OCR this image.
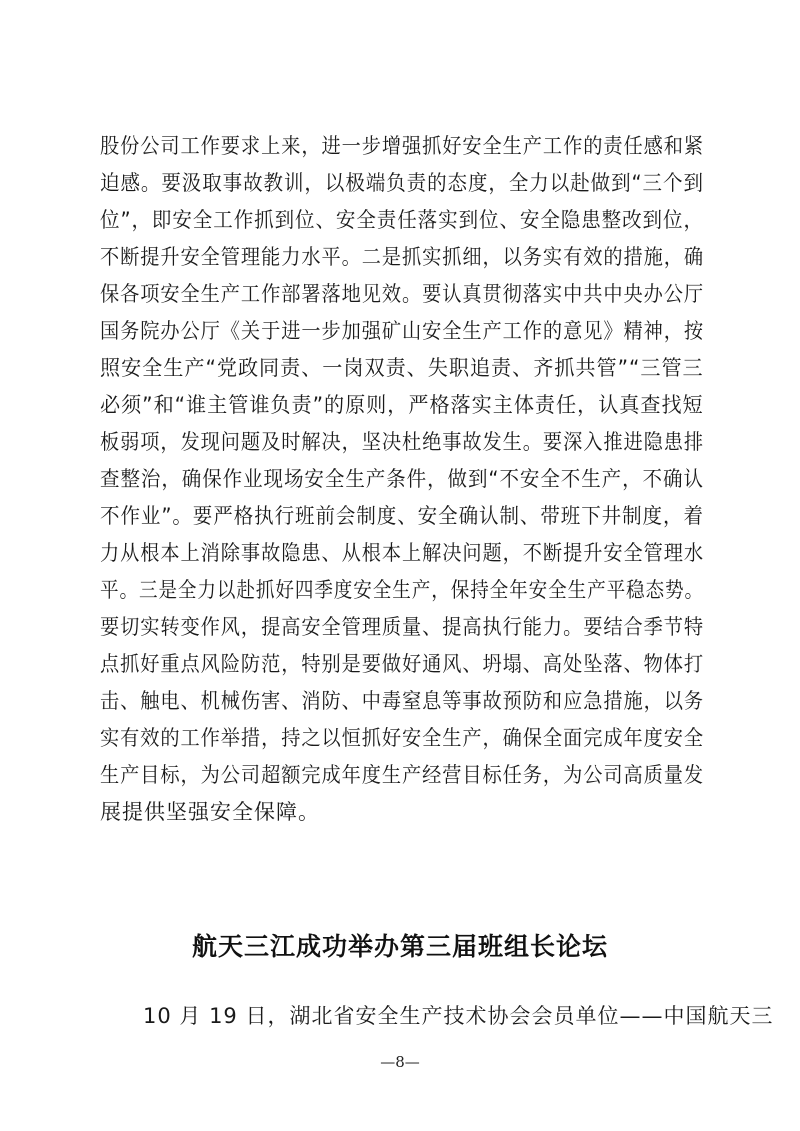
股份公司工作要求上来，进一步增强抓好安全生产工作的责任感和紧
迫感。要汲取事故教训，以极端负责的态度，全力以赴做到“三个到
位”，即安全工作抓到位、安全责任落实到位、安全隐患整改到位，
不断提升安全管理能力水平。二是抓实抓细，以务实有效的措施，确
保各项安全生产工作部署落地见效。要认真贯彻落实中共中央办公厅
国务院办公厅《关于进一步加强矿山安全生产工作的意见》精神，按
照安全生产“党政同责、一岗双责、失职追责、齐抓共管”“三管三
必须”和“谁主管谁负责”的原则，严格落实主体责任，认真查找短
板弱项，发现问题及时解决，坚决杜绝事故发生。要深入推进隐患排
查整治，确保作业现场安全生产条件，做到“不安全不生产，不确认
不作业”。要严格执行班前会制度、安全确认制、带班下井制度，着
力从根本上消除事故隐患、从根本上解决问题，不断提升安全管理水
平。三是全力以赴抓好四季度安全生产，保持全年安全生产平稳态势。
要切实转变作风，提高安全管理质量、提高执行能力。要结合季节特
点抓好重点风险防范，特别是要做好通风、坍塌、高处坠落、物体打
击、触电、机械伤害、消防、中毒窒息等事故预防和应急措施，以务
实有效的工作举措，持之以恒抓好安全生产，确保全面完成年度安全
生产目标，为公司超额完成年度生产经营目标任务，为公司高质量发
展提供坚强安全保障。
航天三江成功举办第三届班组长论坛
10 月 19 日，湖北省安全生产技术协会会员单位——中国航天三
—8—
